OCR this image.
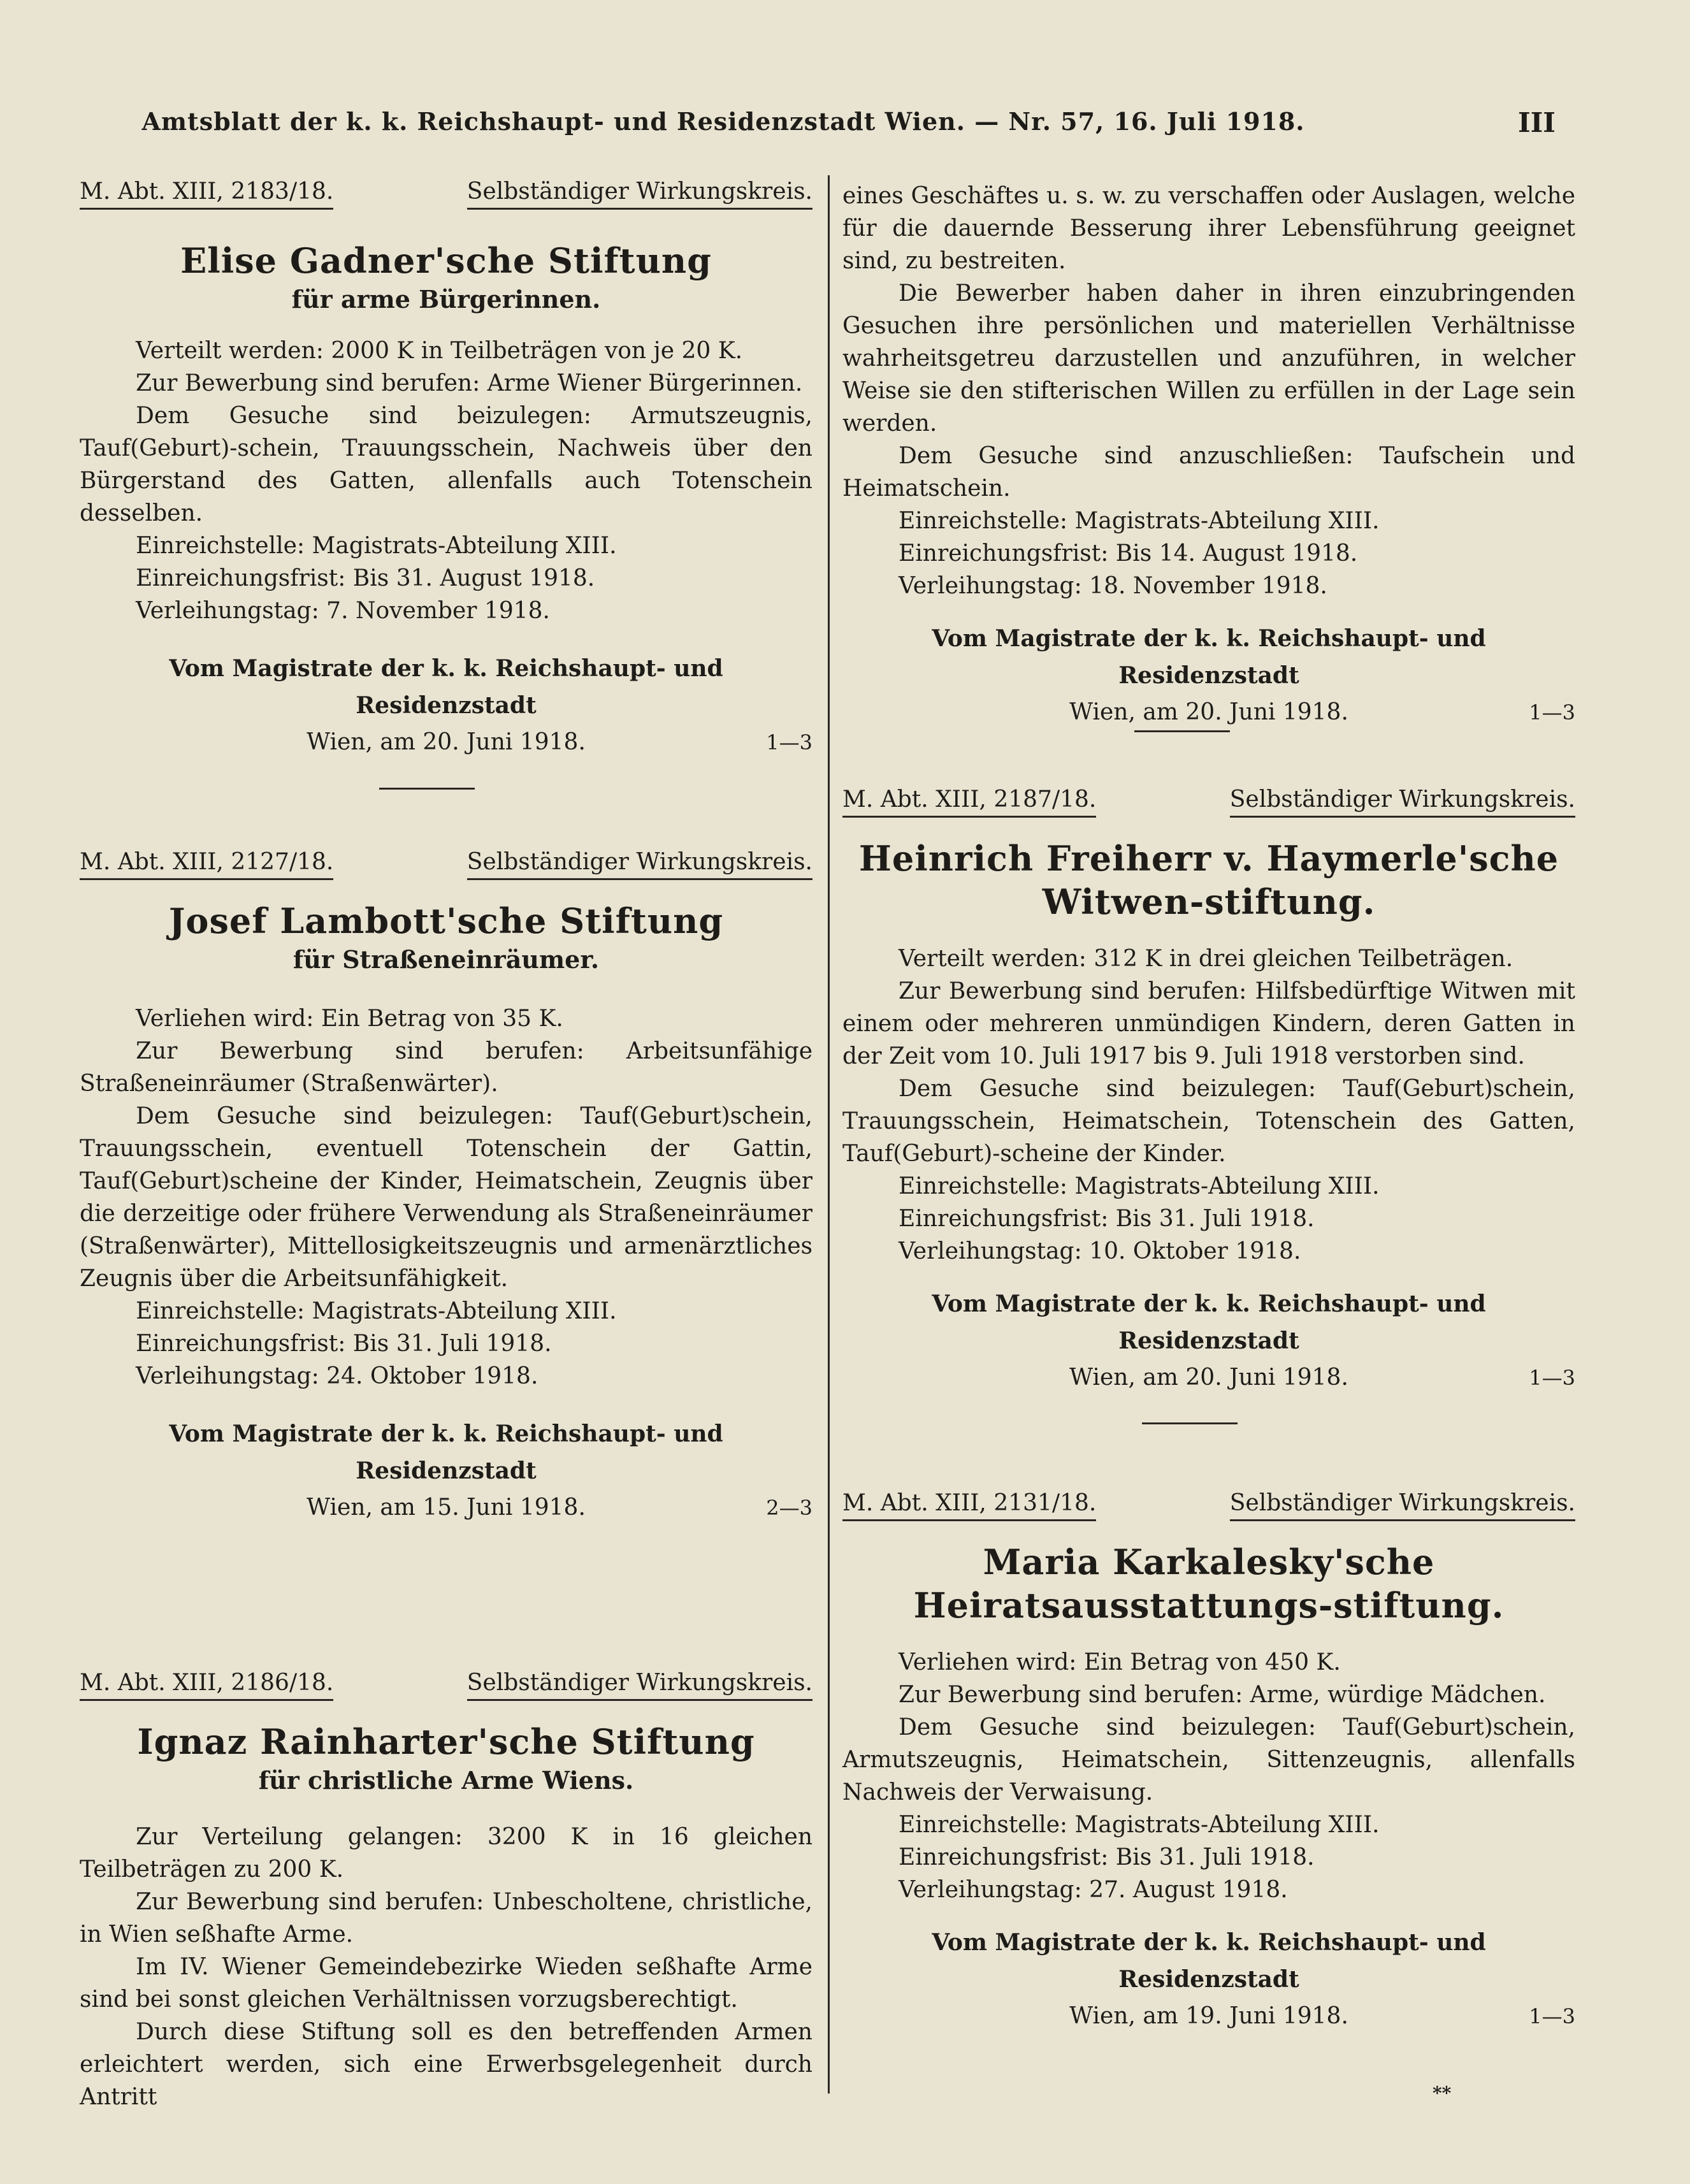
Amtsblatt der k. k. Reichshaupt- und Residenzstadt Wien. — Nr. 57, 16. Juli 1918.	III
M. Abt. XIII, 2183/18.	Selbständiger Wirkungskreis.
Elise Gadner'sche Stiftung
für arme Bürgerinnen.

Verteilt werden: 2000 K in Teilbeträgen von je 20 K.

Zur Bewerbung sind berufen: Arme Wiener Bürgerinnen.

Dem Gesuche sind beizulegen: Armutszeugnis, Tauf(Geburt)-schein, Trauungsschein, Nachweis über den Bürgerstand des Gatten, allenfalls auch Totenschein desselben.

Einreichstelle: Magistrats-Abteilung XIII.

Einreichungsfrist: Bis 31. August 1918.

Verleihungstag: 7. November 1918.

Vom Magistrate der k. k. Reichshaupt- und Residenzstadt
Wien, am 20. Juni 1918.	1—3
M. Abt. XIII, 2127/18.	Selbständiger Wirkungskreis.
Josef Lambott'sche Stiftung
für Straßeneinräumer.

Verliehen wird: Ein Betrag von 35 K.

Zur Bewerbung sind berufen: Arbeitsunfähige Straßeneinräumer (Straßenwärter).

Dem Gesuche sind beizulegen: Tauf(Geburt)schein, Trauungsschein, eventuell Totenschein der Gattin, Tauf(Geburt)scheine der Kinder, Heimatschein, Zeugnis über die derzeitige oder frühere Verwendung als Straßeneinräumer (Straßenwärter), Mittellosigkeitszeugnis und armenärztliches Zeugnis über die Arbeitsunfähigkeit.

Einreichstelle: Magistrats-Abteilung XIII.

Einreichungsfrist: Bis 31. Juli 1918.

Verleihungstag: 24. Oktober 1918.

Vom Magistrate der k. k. Reichshaupt- und Residenzstadt
Wien, am 15. Juni 1918.	2—3
M. Abt. XIII, 2186/18.	Selbständiger Wirkungskreis.
Ignaz Rainharter'sche Stiftung
für christliche Arme Wiens.

Zur Verteilung gelangen: 3200 K in 16 gleichen Teilbeträgen zu 200 K.

Zur Bewerbung sind berufen: Unbescholtene, christliche, in Wien seßhafte Arme.

Im IV. Wiener Gemeindebezirke Wieden seßhafte Arme sind bei sonst gleichen Verhältnissen vorzugsberechtigt.

Durch diese Stiftung soll es den betreffenden Armen erleichtert werden, sich eine Erwerbsgelegenheit durch Antritt

eines Geschäftes u. s. w. zu verschaffen oder Auslagen, welche für die dauernde Besserung ihrer Lebensführung geeignet sind, zu bestreiten.

Die Bewerber haben daher in ihren einzubringenden Gesuchen ihre persönlichen und materiellen Verhältnisse wahrheitsgetreu darzustellen und anzuführen, in welcher Weise sie den stifterischen Willen zu erfüllen in der Lage sein werden.

Dem Gesuche sind anzuschließen: Taufschein und Heimatschein.

Einreichstelle: Magistrats-Abteilung XIII.

Einreichungsfrist: Bis 14. August 1918.

Verleihungstag: 18. November 1918.

Vom Magistrate der k. k. Reichshaupt- und Residenzstadt
Wien, am 20. Juni 1918.	1—3
M. Abt. XIII, 2187/18.	Selbständiger Wirkungskreis.
Heinrich Freiherr v. Haymerle'sche Witwen-stiftung.

Verteilt werden: 312 K in drei gleichen Teilbeträgen.

Zur Bewerbung sind berufen: Hilfsbedürftige Witwen mit einem oder mehreren unmündigen Kindern, deren Gatten in der Zeit vom 10. Juli 1917 bis 9. Juli 1918 verstorben sind.

Dem Gesuche sind beizulegen: Tauf(Geburt)schein, Trauungsschein, Heimatschein, Totenschein des Gatten, Tauf(Geburt)-scheine der Kinder.

Einreichstelle: Magistrats-Abteilung XIII.

Einreichungsfrist: Bis 31. Juli 1918.

Verleihungstag: 10. Oktober 1918.

Vom Magistrate der k. k. Reichshaupt- und Residenzstadt
Wien, am 20. Juni 1918.	1—3
M. Abt. XIII, 2131/18.	Selbständiger Wirkungskreis.
Maria Karkalesky'sche Heiratsausstattungs-stiftung.

Verliehen wird: Ein Betrag von 450 K.

Zur Bewerbung sind berufen: Arme, würdige Mädchen.

Dem Gesuche sind beizulegen: Tauf(Geburt)schein, Armutszeugnis, Heimatschein, Sittenzeugnis, allenfalls Nachweis der Verwaisung.

Einreichstelle: Magistrats-Abteilung XIII.

Einreichungsfrist: Bis 31. Juli 1918.

Verleihungstag: 27. August 1918.

Vom Magistrate der k. k. Reichshaupt- und Residenzstadt
Wien, am 19. Juni 1918.	1—3
**
